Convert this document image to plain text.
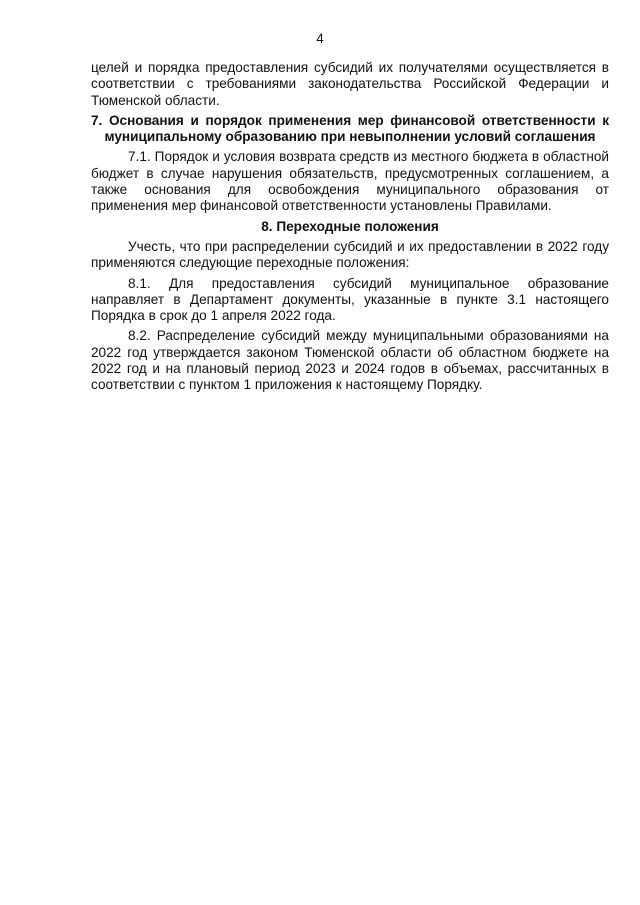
4

целей и порядка предоставления субсидий их получателями осуществляется в соответствии с требованиями законодательства Российской Федерации и Тюменской области.

7. Основания и порядок применения мер финансовой ответственности к муниципальному образованию при невыполнении условий соглашения

7.1. Порядок и условия возврата средств из местного бюджета в областной бюджет в случае нарушения обязательств, предусмотренных соглашением, а также основания для освобождения муниципального образования от применения мер финансовой ответственности установлены Правилами.

8. Переходные положения

Учесть, что при распределении субсидий и их предоставлении в 2022 году применяются следующие переходные положения:

8.1. Для предоставления субсидий муниципальное образование направляет в Департамент документы, указанные в пункте 3.1 настоящего Порядка в срок до 1 апреля 2022 года.

8.2. Распределение субсидий между муниципальными образованиями на 2022 год утверждается законом Тюменской области об областном бюджете на 2022 год и на плановый период 2023 и 2024 годов в объемах, рассчитанных в соответствии с пунктом 1 приложения к настоящему Порядку.
